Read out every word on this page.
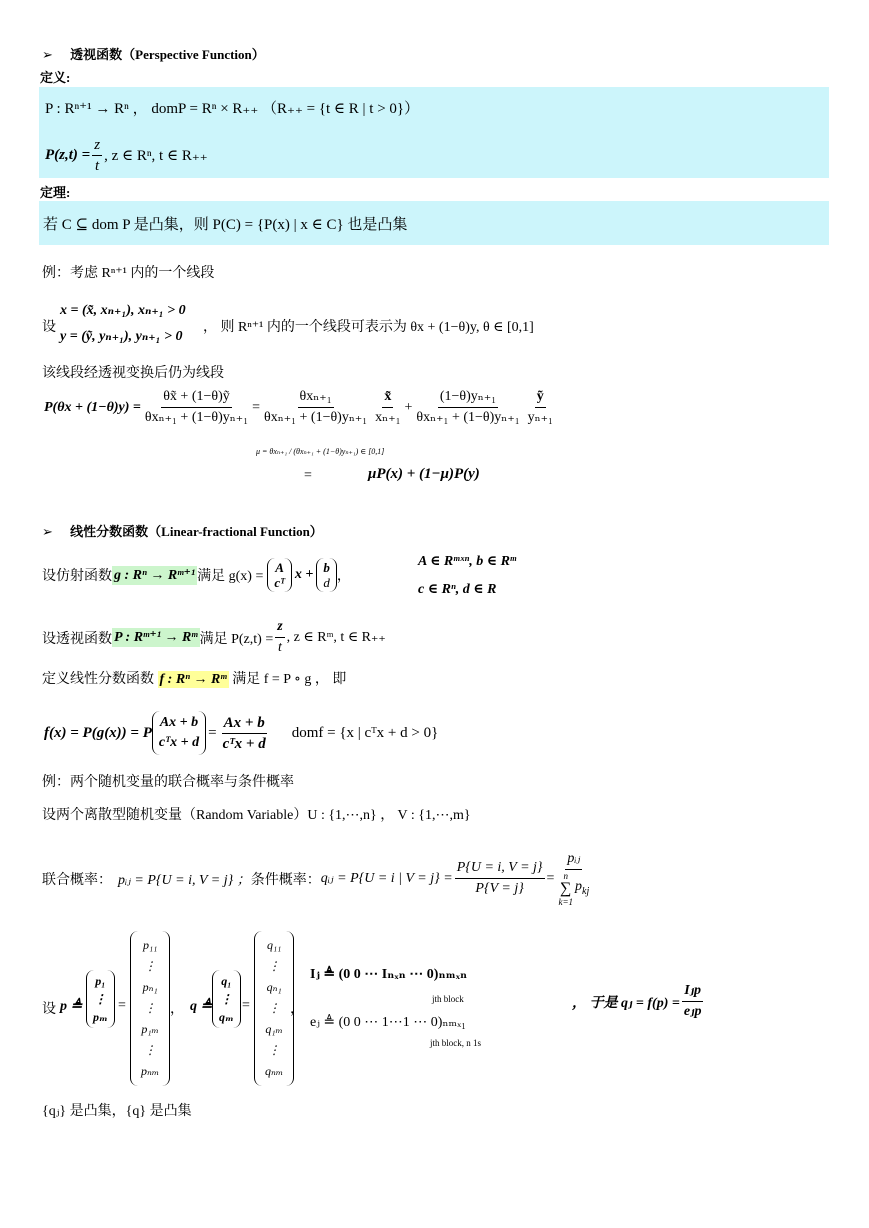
➢ 透视函数（Perspective Function）
定义:
P : Rⁿ⁺¹ → Rⁿ ， domP = Rⁿ × R₊₊ （R₊₊ = {t ∈ R | t > 0}）
$P(z,t) = \frac{z}{t}$ , z ∈ Rⁿ, t ∈ R₊₊
定理:
若 C ⊆ dom P 是凸集，则 P(C) = {P(x) | x ∈ C} 也是凸集
例：考虑 Rⁿ⁺¹ 内的一个线段
设
x = (x̃, xₙ₊₁), xₙ₊₁ > 0
y = (ỹ, yₙ₊₁), yₙ₊₁ > 0
， 则 Rⁿ⁺¹ 内的一个线段可表示为 θx + (1−θ)y, θ ∈ [0,1]
该线段经透视变换后仍为线段
P(θx + (1−θ)y) =
θx̃ + (1−θ)ỹ
θxₙ₊₁ + (1−θ)yₙ₊₁
=
θxₙ₊₁
$\theta x_{n+1} + (1-\theta)y_{n+1} \frac{x̃}{\text{xₙ₊₁}}$ +
(1−θ)yₙ₊₁
$\theta x_{n+1} + (1-\theta)y_{n+1} \frac{\text{ỹ}}{\text{yₙ₊₁}}$
μ = θxₙ₊₁ / (θxₙ₊₁ + (1−θ)yₙ₊₁) ∈ [0,1]
=	μP(x) + (1−μ)P(y)
➢ 线性分数函数（Linear-fractional Function）
设仿射函数 g : Rⁿ → Rᵐ⁺¹ 满足 g(x) =
A
cᵀ
x + b
d ，
A ∈ Rᵐˣⁿ, b ∈ Rᵐ
c ∈ Rⁿ, d ∈ R
设透视函数 P : Rᵐ⁺¹ → Rᵐ 满足 $P(z,t) = \frac{z}{t}$ , z ∈ Rᵐ, t ∈ R₊₊
定义线性分数函数 f : Rⁿ → Rᵐ 满足 f = P ∘ g ， 即
f(x) = P(g(x)) = P
Ax + b
cᵀx + d
=
Ax + b
cᵀx + d
domf = {x | cᵀx + d > 0}
例：两个随机变量的联合概率与条件概率
设两个离散型随机变量（Random Variable）U : {1,⋯,n} ， V : {1,⋯,m}
联合概率： pᵢⱼ = P{U = i, V = j} ； 条件概率： qᵢⱼ = P{U = i | $V = j\} = \frac{P\{U = i, V = j\}}{P\{V = j\}}$ =
pᵢⱼ
n
∑
k=1
$p_{kj}$
设 p ≜
p₁
⋮
pₘ
=
p₁₁
⋮
pₙ₁
⋮
p₁ₘ
⋮
pₙₘ
， q ≜
q₁
⋮
qₘ
=
q₁₁
⋮
qₙ₁
⋮
q₁ₘ
⋮
qₙₘ
，
Iⱼ ≜ (0 0 ⋯ Iₙₓₙ ⋯ 0)ₙₘₓₙ
jth block
eⱼ ≜ (0 0 ⋯ 1⋯1 ⋯ 0)ₙₘₓ₁
jth block, n 1s
， 于是 qⱼ = f(p) =
Iⱼp
eⱼp
{qⱼ} 是凸集，{q} 是凸集
